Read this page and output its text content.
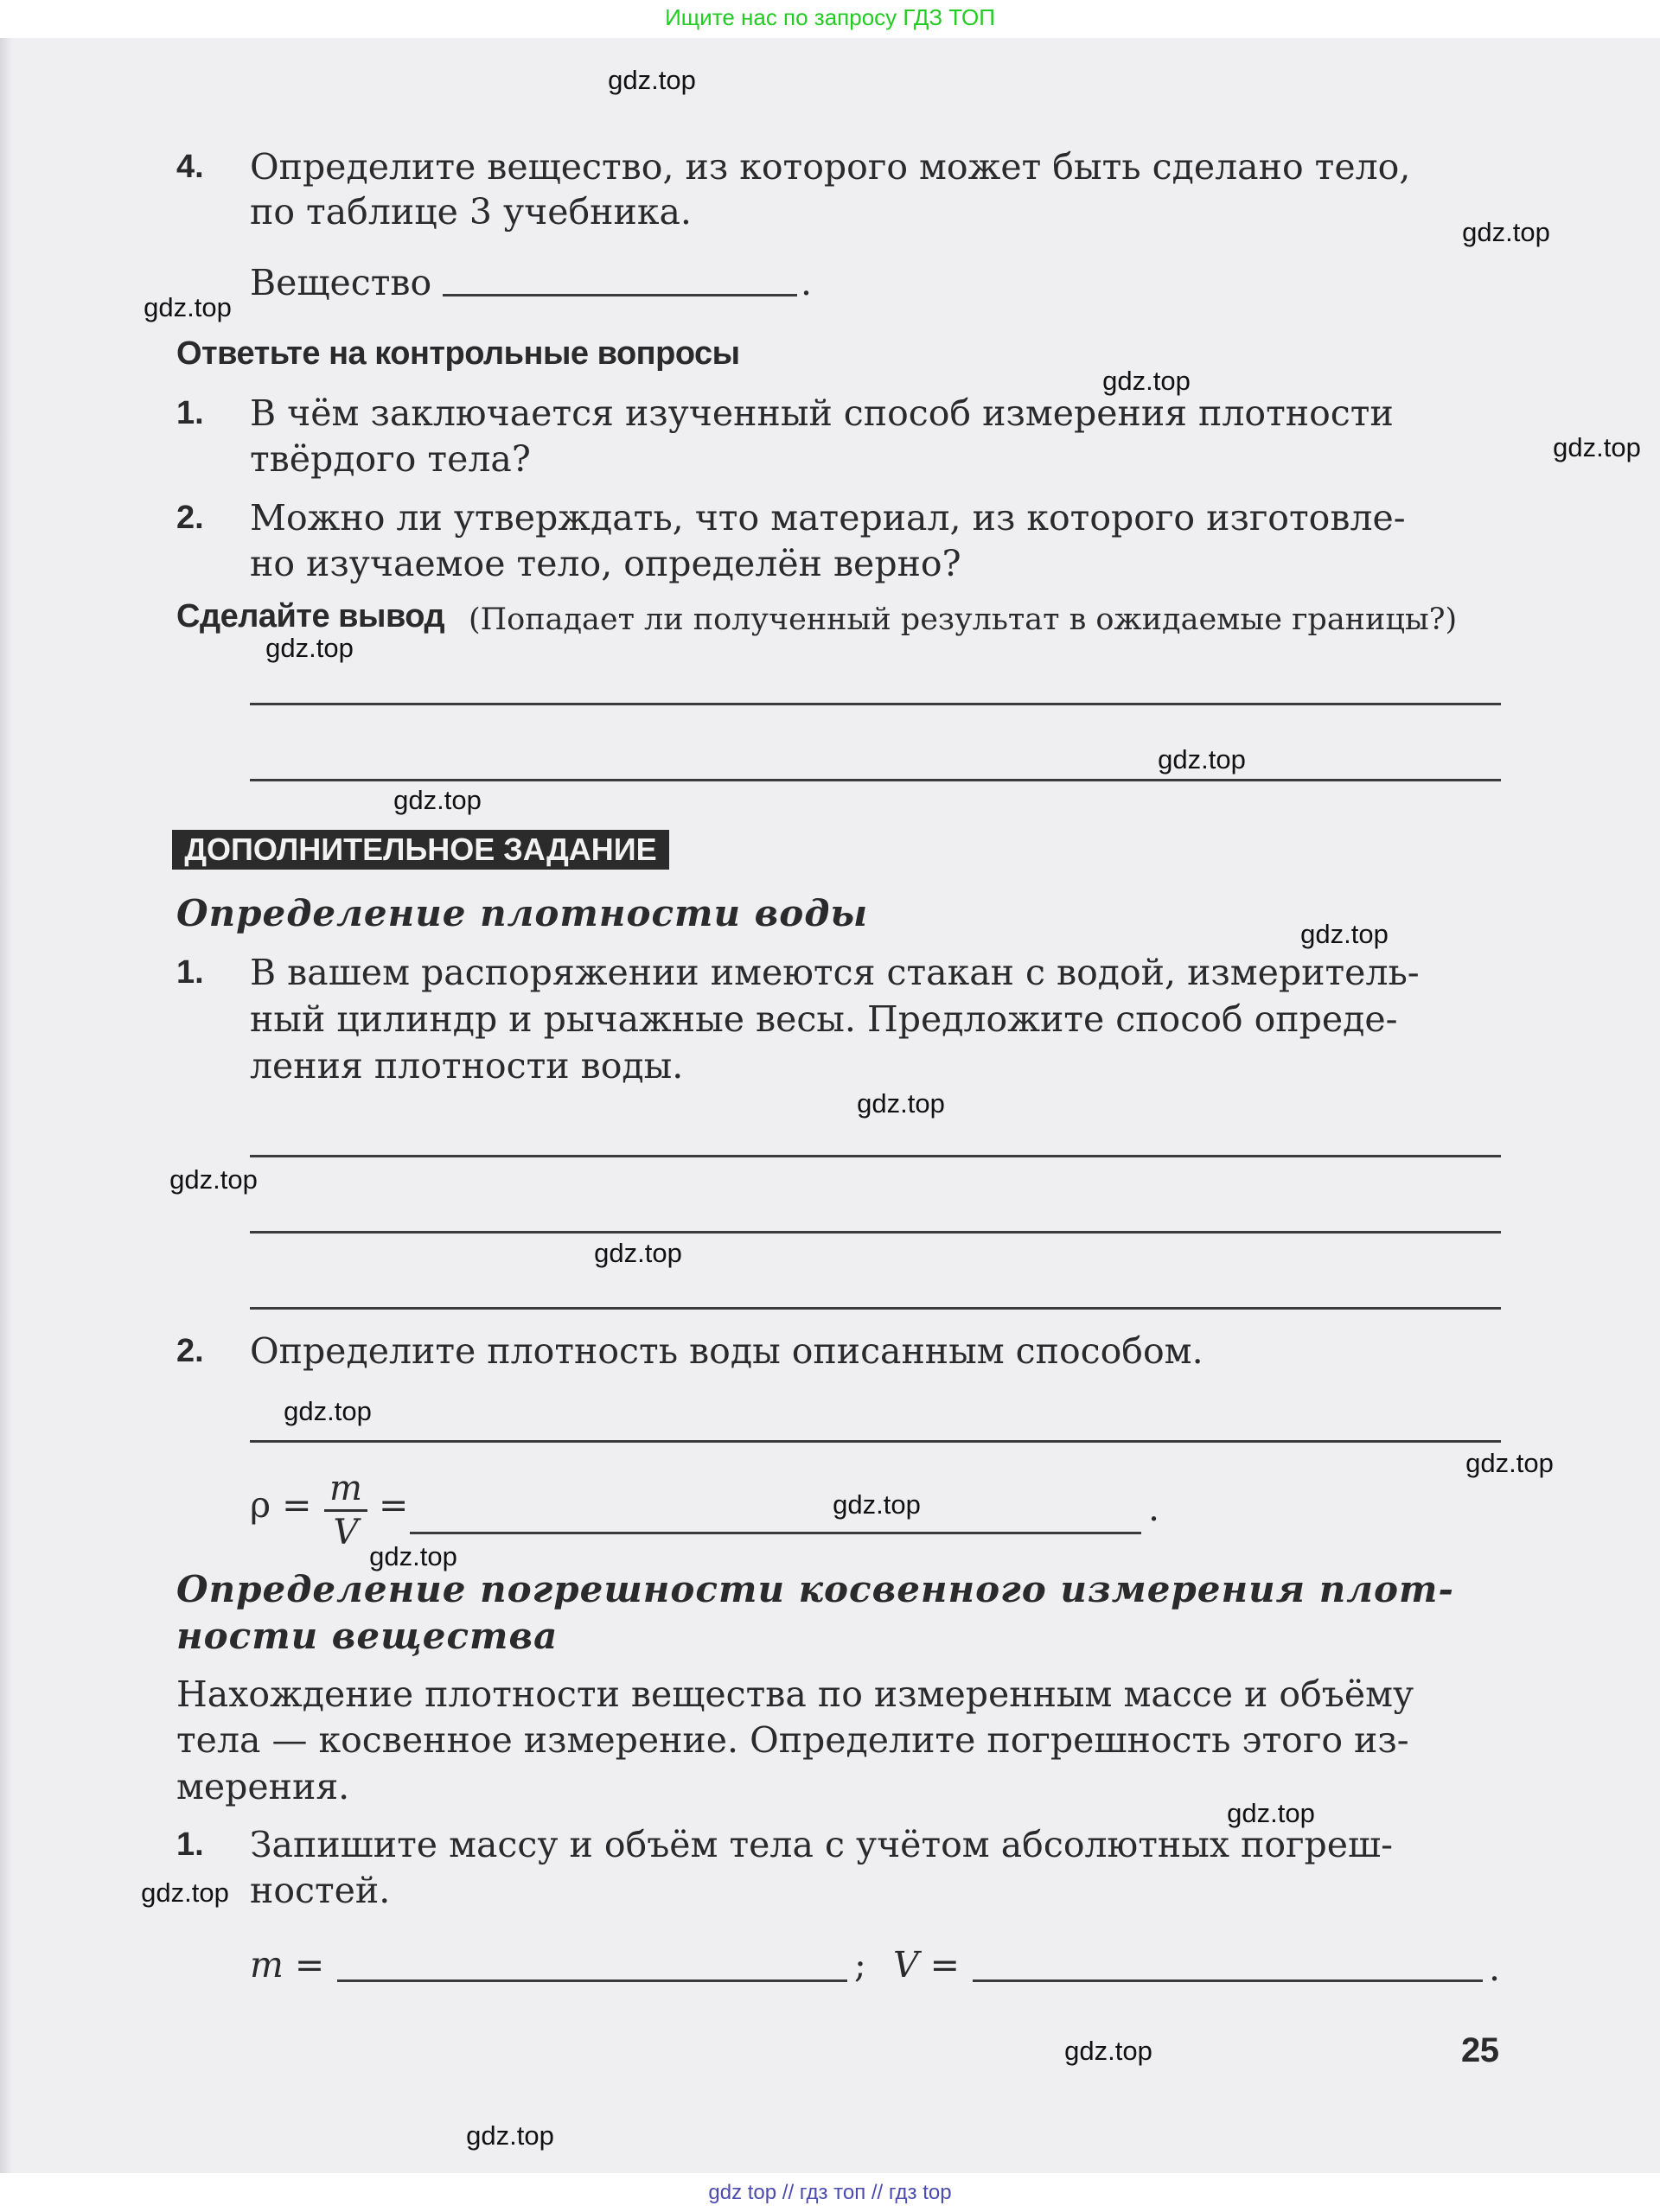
Ищите нас по запросу ГДЗ ТОП
4. Определите вещество, из которого может быть сделано тело,
по таблице 3 учебника.
Вещество	.
Ответьте на контрольные вопросы
1. В чём заключается изученный способ измерения плотности
твёрдого тела?
2. Можно ли утверждать, что материал, из которого изготовле-
но изучаемое тело, определён верно?
Сделайте вывод (Попадает ли полученный результат в ожидаемые границы?)
ДОПОЛНИТЕЛЬНОЕ ЗАДАНИЕ
Определение плотности воды
1. В вашем распоряжении имеются стакан с водой, измеритель-
ный цилиндр и рычажные весы. Предложите способ опреде-
ления плотности воды.
2. Определите плотность воды описанным способом.
ρ = m
V
=	.
Определение погрешности косвенного измерения плот-
ности вещества
Нахождение плотности вещества по измеренным массе и объёму
тела — косвенное измерение. Определите погрешность этого из-
мерения.
1. Запишите массу и объём тела с учётом абсолютных погреш-
ностей.
m =	; V =	.
25
gdz.top
gdz.top
gdz.top
gdz.top
gdz.top
gdz.top
gdz.top
gdz.top
gdz.top
gdz.top
gdz.top
gdz.top
gdz.top
gdz.top
gdz.top
gdz.top
gdz.top
gdz.top
gdz.top
gdz.top
gdz top // гдз топ // гдз top
